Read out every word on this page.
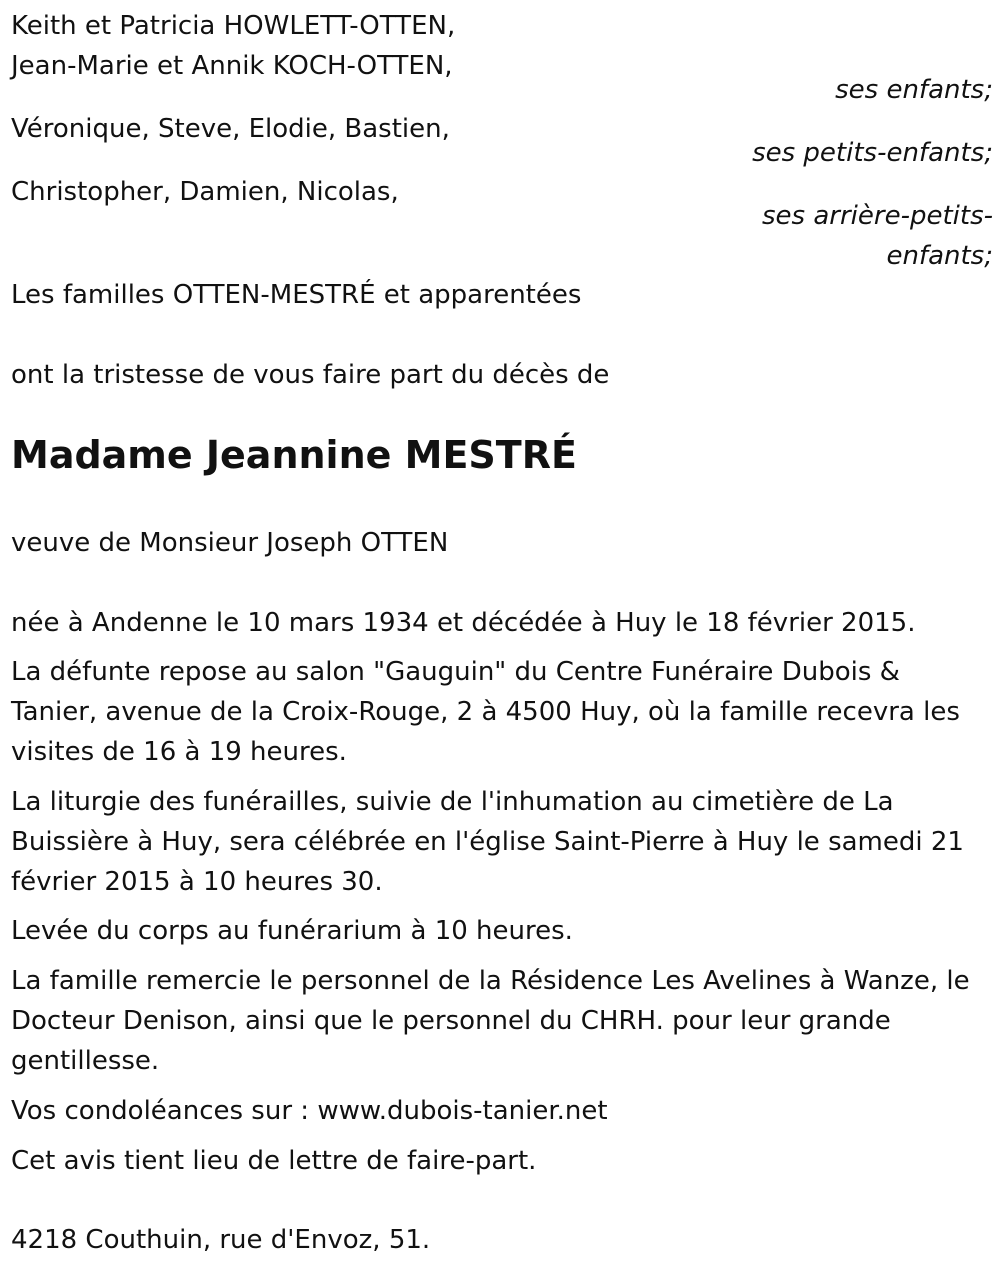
Keith et Patricia HOWLETT-OTTEN,

Jean-Marie et Annik KOCH-OTTEN,

ses enfants;

Véronique, Steve, Elodie, Bastien,

ses petits-enfants;

Christopher, Damien, Nicolas,

ses arrière-petits-enfants;

Les familles OTTEN-MESTRÉ et apparentées

ont la tristesse de vous faire part du décès de

Madame Jeannine MESTRÉ

veuve de Monsieur Joseph OTTEN

née à Andenne le 10 mars 1934 et décédée à Huy le 18 février 2015.

La défunte repose au salon "Gauguin" du Centre Funéraire Dubois & Tanier, avenue de la Croix-Rouge, 2 à 4500 Huy, où la famille recevra les visites de 16 à 19 heures.

La liturgie des funérailles, suivie de l'inhumation au cimetière de La Buissière à Huy, sera célébrée en l'église Saint-Pierre à Huy le samedi 21 février 2015 à 10 heures 30.

Levée du corps au funérarium à 10 heures.

La famille remercie le personnel de la Résidence Les Avelines à Wanze, le Docteur Denison, ainsi que le personnel du CHRH. pour leur grande gentillesse.

Vos condoléances sur : www.dubois-tanier.net

Cet avis tient lieu de lettre de faire-part.

4218 Couthuin, rue d'Envoz, 51.
